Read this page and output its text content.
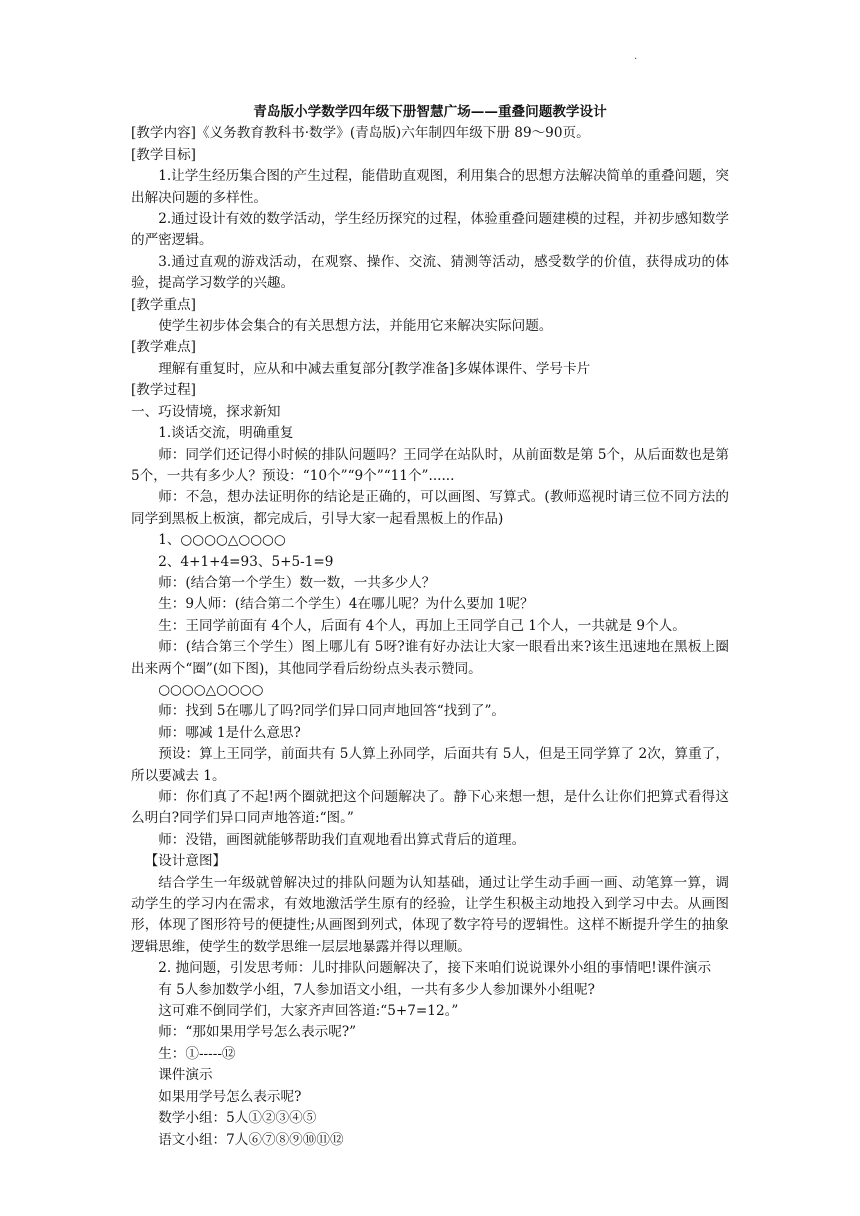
·

青岛版小学数学四年级下册智慧广场——重叠问题教学设计

[教学内容]《义务教育教科书·数学》(青岛版)六年制四年级下册 89～90页。

[教学目标]

1.让学生经历集合图的产生过程，能借助直观图，利用集合的思想方法解决简单的重叠问题，突出解决问题的多样性。

2.通过设计有效的数学活动，学生经历探究的过程，体验重叠问题建模的过程，并初步感知数学的严密逻辑。

3.通过直观的游戏活动，在观察、操作、交流、猜测等活动，感受数学的价值，获得成功的体验，提高学习数学的兴趣。

[教学重点]

使学生初步体会集合的有关思想方法，并能用它来解决实际问题。

[教学难点]

理解有重复时，应从和中减去重复部分[教学准备]多媒体课件、学号卡片

[教学过程]

一、巧设情境，探求新知

1.谈话交流，明确重复

师：同学们还记得小时候的排队问题吗？王同学在站队时，从前面数是第 5个，从后面数也是第 5个，一共有多少人？预设：“10个”“9个”“11个”......

师：不急，想办法证明你的结论是正确的，可以画图、写算式。(教师巡视时请三位不同方法的同学到黑板上板演，都完成后，引导大家一起看黑板上的作品)

1、○○○○△○○○○

2、4+1+4=93、5+5-1=9

师：(结合第一个学生）数一数，一共多少人？

生：9人师：(结合第二个学生）4在哪儿呢？为什么要加 1呢？

生：王同学前面有 4个人，后面有 4个人，再加上王同学自己 1个人，一共就是 9个人。

师：(结合第三个学生）图上哪儿有 5呀?谁有好办法让大家一眼看出来?该生迅速地在黑板上圈出来两个“圈”(如下图)，其他同学看后纷纷点头表示赞同。

○○○○△○○○○

师：找到 5在哪儿了吗?同学们异口同声地回答“找到了”。

师：哪减 1是什么意思?

预设：算上王同学，前面共有 5人算上孙同学，后面共有 5人，但是王同学算了 2次，算重了，所以要减去 1。

师：你们真了不起!两个圈就把这个问题解决了。静下心来想一想，是什么让你们把算式看得这么明白?同学们异口同声地答道:“图。”

师：没错，画图就能够帮助我们直观地看出算式背后的道理。

【设计意图】

结合学生一年级就曾解决过的排队问题为认知基础，通过让学生动手画一画、动笔算一算，调动学生的学习内在需求，有效地激活学生原有的经验，让学生积极主动地投入到学习中去。从画图形，体现了图形符号的便捷性;从画图到列式，体现了数字符号的逻辑性。这样不断提升学生的抽象逻辑思维，使学生的数学思维一层层地暴露并得以理顺。

2. 抛问题，引发思考师：儿时排队问题解决了，接下来咱们说说课外小组的事情吧!课件演示

有 5人参加数学小组，7人参加语文小组，一共有多少人参加课外小组呢?

这可难不倒同学们，大家齐声回答道:“5+7=12。”

师：“那如果用学号怎么表示呢?”

生：①-----⑫

课件演示

如果用学号怎么表示呢?

数学小组：5人①②③④⑤

语文小组：7人⑥⑦⑧⑨⑩⑪⑫
